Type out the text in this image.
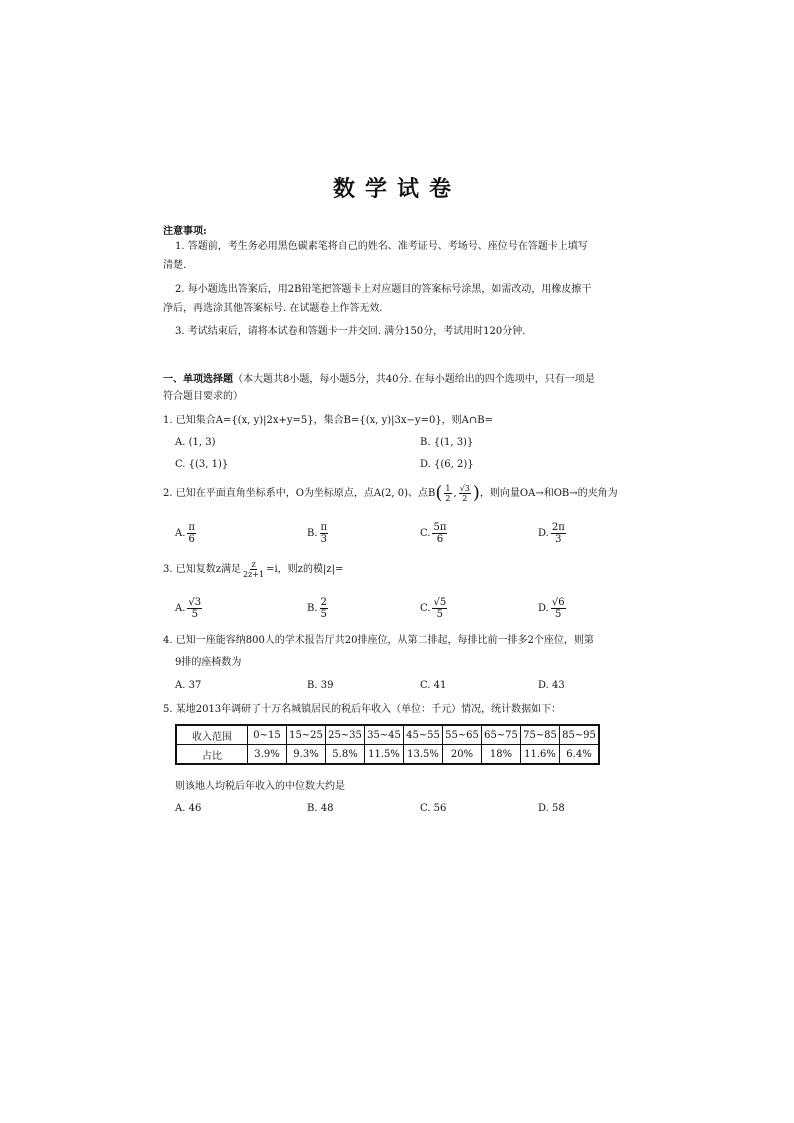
数学试卷
注意事项:
1. 答题前，考生务必用黑色碳素笔将自己的姓名、准考证号、考场号、座位号在答题卡上填写
清楚.
2. 每小题选出答案后，用2B铅笔把答题卡上对应题目的答案标号涂黑，如需改动，用橡皮擦干
净后，再选涂其他答案标号. 在试题卷上作答无效.
3. 考试结束后，请将本试卷和答题卡一并交回. 满分150分，考试用时120分钟.
一、单项选择题（本大题共8小题，每小题5分，共40分. 在每小题给出的四个选项中，只有一项是
符合题目要求的）
1. 已知集合A={(x, y)|2x+y=5}，集合B={(x, y)|3x−y=0}，则A∩B=
A. (1, 3)	B. {(1, 3)}
C. {(3, 1)}	D. {(6, 2)}
2. 已知在平面直角坐标系中，O为坐标原点，点A(2, 0)、点$B( \frac{1}{2}$ , $\frac{√3}{2}$ )，则向量OA→和OB→的夹角为
A. $\frac{\pi}{6}$	B. $\frac{\pi}{3}$	C. $\frac{5\pi}{6}$	D. $\frac{2\pi}{3}$
3. 已知复数z满足 $\frac{z}{2z+1} =i$，则z的模|z|=
A. $\frac{√3}{5}$	B. $\frac{2}{5}$	C. $\frac{√5}{5}$	D. $\frac{√6}{5}$
4. 已知一座能容纳800人的学术报告厅共20排座位，从第二排起，每排比前一排多2个座位，则第
9排的座椅数为
A. 37	B. 39	C. 41	D. 43
5. 某地2013年调研了十万名城镇居民的税后年收入（单位：千元）情况，统计数据如下：
收入范围	0~15	15~25	25~35	35~45	45~55	55~65	65~75	75~85	85~95
占比	3.9%	9.3%	5.8%	11.5%	13.5%	20%	18%	11.6%	6.4%
则该地人均税后年收入的中位数大约是
A. 46	B. 48	C. 56	D. 58
